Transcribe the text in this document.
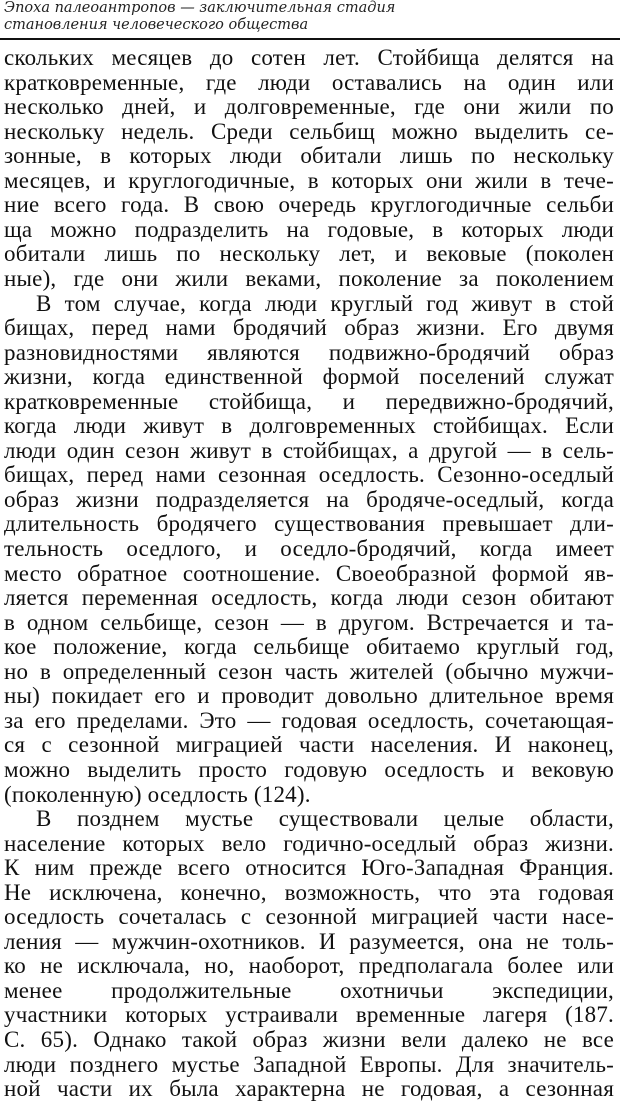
Эпоха палеоантропов — заключительная стадия
становления человеческого общества
скольких месяцев до сотен лет. Стойбища делятся на
кратковременные, где люди оставались на один или
несколько дней, и долговременные, где они жили по
нескольку недель. Среди сельбищ можно выделить се-
зонные, в которых люди обитали лишь по нескольку
месяцев, и круглогодичные, в которых они жили в тече-
ние всего года. В свою очередь круглогодичные сельби
ща можно подразделить на годовые, в которых люди
обитали лишь по нескольку лет, и вековые (поколен
ные), где они жили веками, поколение за поколением
В том случае, когда люди круглый год живут в стой
бищах, перед нами бродячий образ жизни. Его двумя
разновидностями являются подвижно-бродячий образ
жизни, когда единственной формой поселений служат
кратковременные стойбища, и передвижно-бродячий,
когда люди живут в долговременных стойбищах. Если
люди один сезон живут в стойбищах, а другой — в сель-
бищах, перед нами сезонная оседлость. Сезонно-оседлый
образ жизни подразделяется на бродяче-оседлый, когда
длительность бродячего существования превышает дли-
тельность оседлого, и оседло-бродячий, когда имеет
место обратное соотношение. Своеобразной формой яв-
ляется переменная оседлость, когда люди сезон обитают
в одном сельбище, сезон — в другом. Встречается и та-
кое положение, когда сельбище обитаемо круглый год,
но в определенный сезон часть жителей (обычно мужчи-
ны) покидает его и проводит довольно длительное время
за его пределами. Это — годовая оседлость, сочетающая-
ся с сезонной миграцией части населения. И наконец,
можно выделить просто годовую оседлость и вековую
(поколенную) оседлость (124).
В позднем мустье существовали целые области,
население которых вело годично-оседлый образ жизни.
К ним прежде всего относится Юго-Западная Франция.
Не исключена, конечно, возможность, что эта годовая
оседлость сочеталась с сезонной миграцией части насе-
ления — мужчин-охотников. И разумеется, она не толь-
ко не исключала, но, наоборот, предполагала более или
менее продолжительные охотничьи экспедиции,
участники которых устраивали временные лагеря (187.
С. 65). Однако такой образ жизни вели далеко не все
люди позднего мустье Западной Европы. Для значитель-
ной части их была характерна не годовая, а сезонная
